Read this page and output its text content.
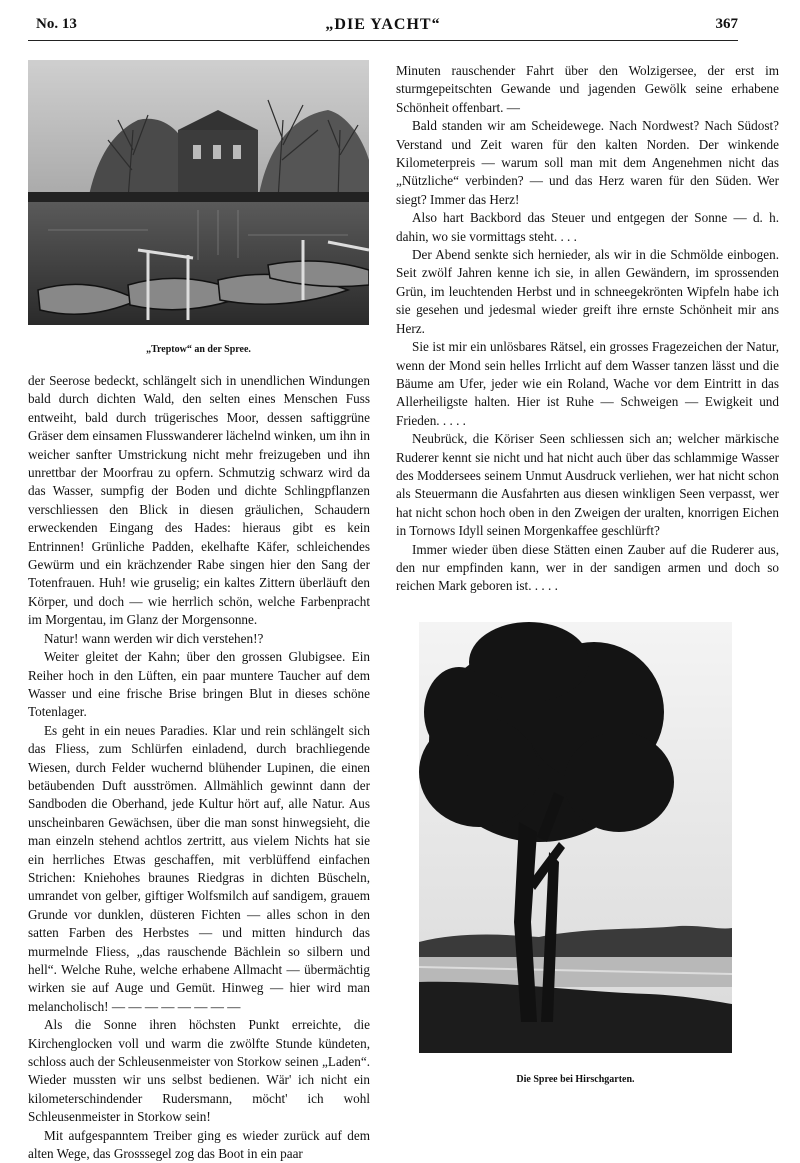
No. 13	„DIE YACHT“	367
„Treptow“ an der Spree.

der Seerose bedeckt, schlängelt sich in unendlichen Windungen bald durch dichten Wald, den selten eines Menschen Fuss entweiht, bald durch trügerisches Moor, dessen saftiggrüne Gräser dem einsamen Flusswanderer lächelnd winken, um ihn in weicher sanfter Umstrickung nicht mehr freizugeben und ihn unrettbar der Moorfrau zu opfern. Schmutzig schwarz wird da das Wasser, sumpfig der Boden und dichte Schlingpflanzen verschliessen den Blick in diesen gräulichen, Schaudern erweckenden Eingang des Hades: hieraus gibt es kein Entrinnen! Grünliche Padden, ekelhafte Käfer, schleichendes Gewürm und ein krächzender Rabe singen hier den Sang der Totenfrauen. Huh! wie gruselig; ein kaltes Zittern überläuft den Körper, und doch — wie herrlich schön, welche Farbenpracht im Morgentau, im Glanz der Morgensonne.

Natur! wann werden wir dich verstehen!?

Weiter gleitet der Kahn; über den grossen Glubigsee. Ein Reiher hoch in den Lüften, ein paar muntere Taucher auf dem Wasser und eine frische Brise bringen Blut in dieses schöne Totenlager.

Es geht in ein neues Paradies. Klar und rein schlängelt sich das Fliess, zum Schlürfen einladend, durch brachliegende Wiesen, durch Felder wuchernd blühender Lupinen, die einen betäubenden Duft ausströmen. Allmählich gewinnt dann der Sandboden die Oberhand, jede Kultur hört auf, alle Natur. Aus unscheinbaren Gewächsen, über die man sonst hinwegsieht, die man einzeln stehend achtlos zertritt, aus vielem Nichts hat sie ein herrliches Etwas geschaffen, mit verblüffend einfachen Strichen: Kniehohes braunes Riedgras in dichten Büscheln, umrandet von gelber, giftiger Wolfsmilch auf sandigem, grauem Grunde vor dunklen, düsteren Fichten — alles schon in den satten Farben des Herbstes — und mitten hindurch das murmelnde Fliess, „das rauschende Bächlein so silbern und hell“. Welche Ruhe, welche erhabene Allmacht — übermächtig wirken sie auf Auge und Gemüt. Hinweg — hier wird man melancholisch! — — — — — — — —

Als die Sonne ihren höchsten Punkt erreichte, die Kirchenglocken voll und warm die zwölfte Stunde kündeten, schloss auch der Schleusenmeister von Storkow seinen „Laden“. Wieder mussten wir uns selbst bedienen. Wär' ich nicht ein kilometerschindender Rudersmann, möcht' ich wohl Schleusenmeister in Storkow sein!

Mit aufgespanntem Treiber ging es wieder zurück auf dem alten Wege, das Grosssegel zog das Boot in ein paar

Minuten rauschender Fahrt über den Wolzigersee, der erst im sturmgepeitschten Gewande und jagenden Gewölk seine erhabene Schönheit offenbart. —

Bald standen wir am Scheidewege. Nach Nordwest? Nach Südost? Verstand und Zeit waren für den kalten Norden. Der winkende Kilometerpreis — warum soll man mit dem Angenehmen nicht das „Nützliche“ verbinden? — und das Herz waren für den Süden. Wer siegt? Immer das Herz!

Also hart Backbord das Steuer und entgegen der Sonne — d. h. dahin, wo sie vormittags steht. . . .

Der Abend senkte sich hernieder, als wir in die Schmölde einbogen. Seit zwölf Jahren kenne ich sie, in allen Gewändern, im sprossenden Grün, im leuchtenden Herbst und in schneegekrönten Wipfeln habe ich sie gesehen und jedesmal wieder greift ihre ernste Schönheit mir ans Herz.

Sie ist mir ein unlösbares Rätsel, ein grosses Fragezeichen der Natur, wenn der Mond sein helles Irrlicht auf dem Wasser tanzen lässt und die Bäume am Ufer, jeder wie ein Roland, Wache vor dem Eintritt in das Allerheiligste halten. Hier ist Ruhe — Schweigen — Ewigkeit und Frieden. . . . .

Neubrück, die Köriser Seen schliessen sich an; welcher märkische Ruderer kennt sie nicht und hat nicht auch über das schlammige Wasser des Moddersees seinem Unmut Ausdruck verliehen, wer hat nicht schon als Steuermann die Ausfahrten aus diesen winkligen Seen verpasst, wer hat nicht schon hoch oben in den Zweigen der uralten, knorrigen Eichen in Tornows Idyll seinen Morgenkaffee geschlürft?

Immer wieder üben diese Stätten einen Zauber auf die Ruderer aus, den nur empfinden kann, wer in der sandigen armen und doch so reichen Mark geboren ist. . . . .

Die Spree bei Hirschgarten.
